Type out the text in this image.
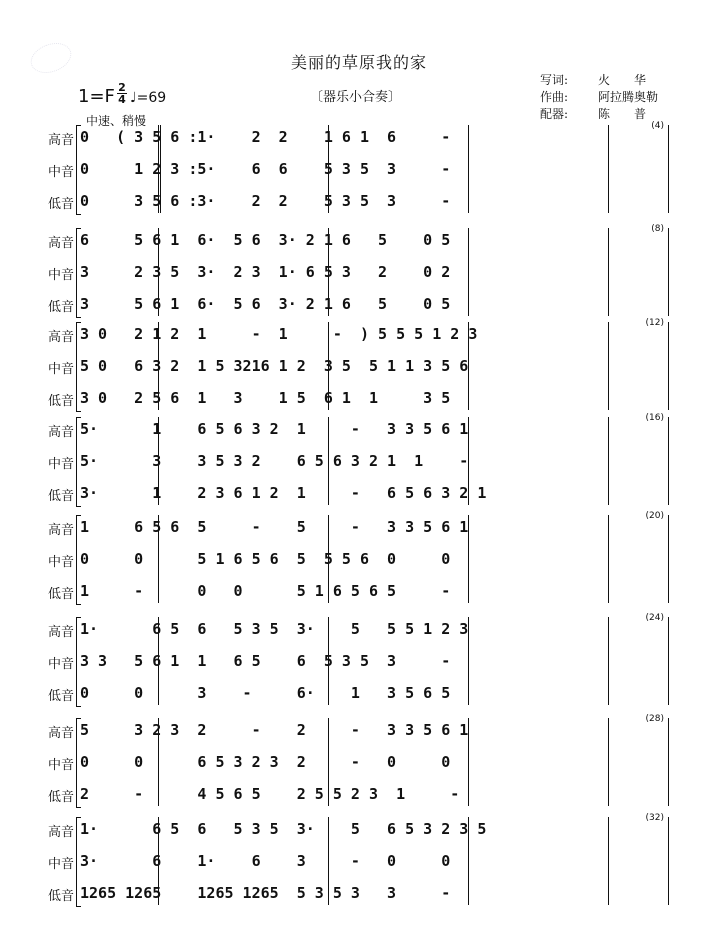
美丽的草原我的家
〔器乐小合奏〕
写词: 火　　华
作曲: 阿拉腾奥勒
配器: 陈　　普
1=F 2
4 ♩=69
中速、稍慢	(4)
高音 0   ( 3 5 6 :1·    2  2    1 6 1  6     -
中音 0     1 2 3 :5·    6  6    5 3 5  3     -
低音 0     3 5 6 :3·    2  2    5 3 5  3     -
(8)
高音 6     5 6 1  6·  5 6  3· 2 1 6   5    0 5
中音 3     2 3 5  3·  2 3  1· 6 5 3   2    0 2
低音 3     5 6 1  6·  5 6  3· 2 1 6   5    0 5
(12)
高音 3 0   2 1 2  1     -  1     -  ) 5 5 5 1 2 3
中音 5 0   6 3 2  1 5 3216 1 2  3 5  5 1 1 3 5 6
低音 3 0   2 5 6  1   3    1 5  6 1  1     3 5
(16)
高音 5·      1    6 5 6 3 2  1     -   3 3 5 6 1
中音 5·      3    3 5 3 2    6 5 6 3 2 1  1    -
低音 3·      1    2 3 6 1 2  1     -   6 5 6 3 2 1
(20)
高音 1     6 5 6  5     -    5     -   3 3 5 6 1
中音 0     0      5 1 6 5 6  5  5 5 6  0     0
低音 1     -      0   0      5 1 6 5 6 5     -
(24)
高音 1·      6 5  6   5 3 5  3·    5   5 5 1 2 3
中音 3 3   5 6 1  1   6 5    6  5 3 5  3     -
低音 0     0      3    -     6·    1   3 5 6 5
(28)
高音 5     3 2 3  2     -    2     -   3 3 5 6 1
中音 0     0      6 5 3 2 3  2     -   0     0
低音 2     -      4 5 6 5    2 5 5 2 3  1     -
(32)
高音 1·      6 5  6   5 3 5  3·    5   6 5 3 2 3 5
中音 3·      6    1·    6    3     -   0     0
低音 1265 1265    1265 1265  5 3 5 3   3     -
